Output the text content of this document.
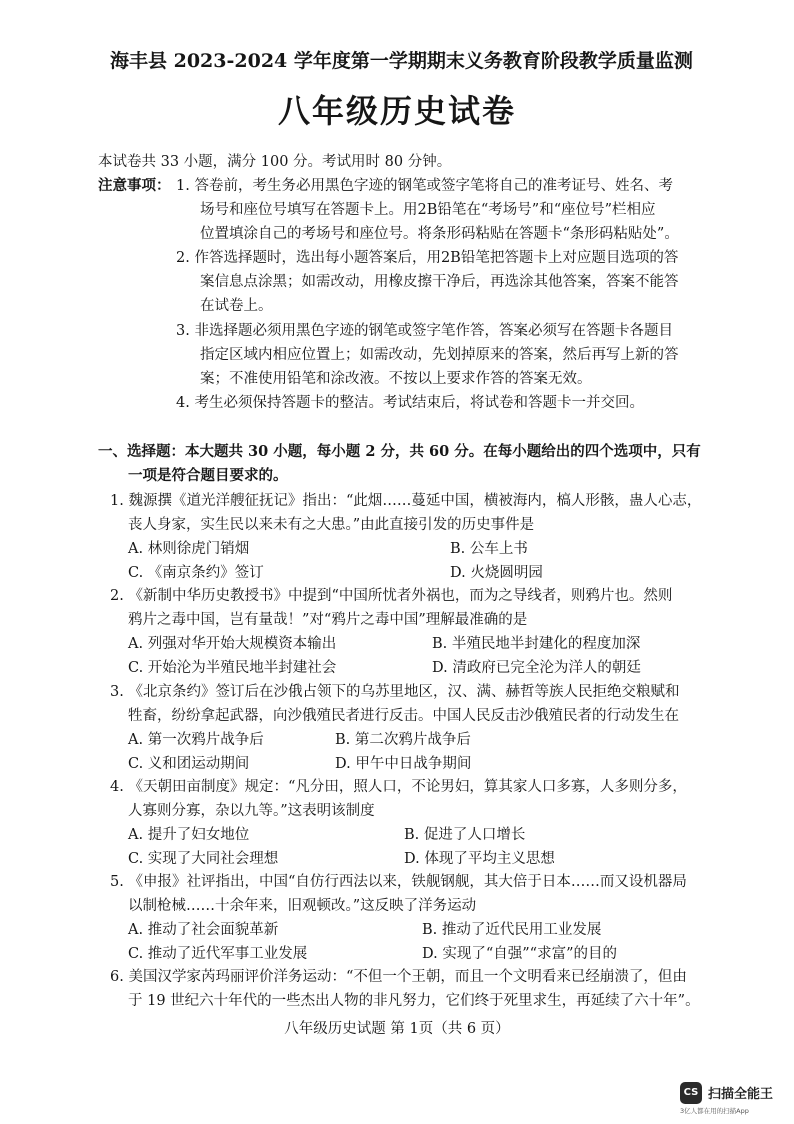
海丰县 2023-2024 学年度第一学期期末义务教育阶段教学质量监测
八年级历史试卷
本试卷共 33 小题，满分 100 分。考试用时 80 分钟。
注意事项： 1. 答卷前，考生务必用黑色字迹的钢笔或签字笔将自己的准考证号、姓名、考
场号和座位号填写在答题卡上。用2B铅笔在“考场号”和“座位号”栏相应
位置填涂自己的考场号和座位号。将条形码粘贴在答题卡“条形码粘贴处”。
2. 作答选择题时，选出每小题答案后，用2B铅笔把答题卡上对应题目选项的答
案信息点涂黑；如需改动，用橡皮擦干净后，再选涂其他答案，答案不能答
在试卷上。
3. 非选择题必须用黑色字迹的钢笔或签字笔作答，答案必须写在答题卡各题目
指定区域内相应位置上；如需改动，先划掉原来的答案，然后再写上新的答
案；不准使用铅笔和涂改液。不按以上要求作答的答案无效。
4. 考生必须保持答题卡的整洁。考试结束后，将试卷和答题卡一并交回。
一、选择题：本大题共 30 小题，每小题 2 分，共 60 分。在每小题给出的四个选项中，只有
一项是符合题目要求的。
1. 魏源撰《道光洋艘征抚记》指出：“此烟……蔓延中国，横被海内，槁人形骸，蛊人心志，
丧人身家，实生民以来未有之大患。”由此直接引发的历史事件是
A. 林则徐虎门销烟	B. 公车上书
C. 《南京条约》签订	D. 火烧圆明园
2. 《新制中华历史教授书》中提到“中国所忧者外祸也，而为之导线者，则鸦片也。然则
鸦片之毒中国，岂有量哉！”对“鸦片之毒中国”理解最准确的是
A. 列强对华开始大规模资本输出	B. 半殖民地半封建化的程度加深
C. 开始沦为半殖民地半封建社会	D. 清政府已完全沦为洋人的朝廷
3. 《北京条约》签订后在沙俄占领下的乌苏里地区，汉、满、赫哲等族人民拒绝交粮赋和
牲畜，纷纷拿起武器，向沙俄殖民者进行反击。中国人民反击沙俄殖民者的行动发生在
A. 第一次鸦片战争后	B. 第二次鸦片战争后
C. 义和团运动期间	D. 甲午中日战争期间
4. 《天朝田亩制度》规定：“凡分田，照人口，不论男妇，算其家人口多寡，人多则分多，
人寡则分寡，杂以九等。”这表明该制度
A. 提升了妇女地位	B. 促进了人口增长
C. 实现了大同社会理想	D. 体现了平均主义思想
5. 《申报》社评指出，中国“自仿行西法以来，铁舰钢舰，其大倍于日本……而又设机器局
以制枪械……十余年来，旧观顿改。”这反映了洋务运动
A. 推动了社会面貌革新	B. 推动了近代民用工业发展
C. 推动了近代军事工业发展	D. 实现了“自强”“求富”的目的
6. 美国汉学家芮玛丽评价洋务运动：“不但一个王朝，而且一个文明看来已经崩溃了，但由
于 19 世纪六十年代的一些杰出人物的非凡努力，它们终于死里求生，再延续了六十年”。
八年级历史试题 第 1页（共 6 页）
CS 扫描全能王
3亿人都在用的扫描App
